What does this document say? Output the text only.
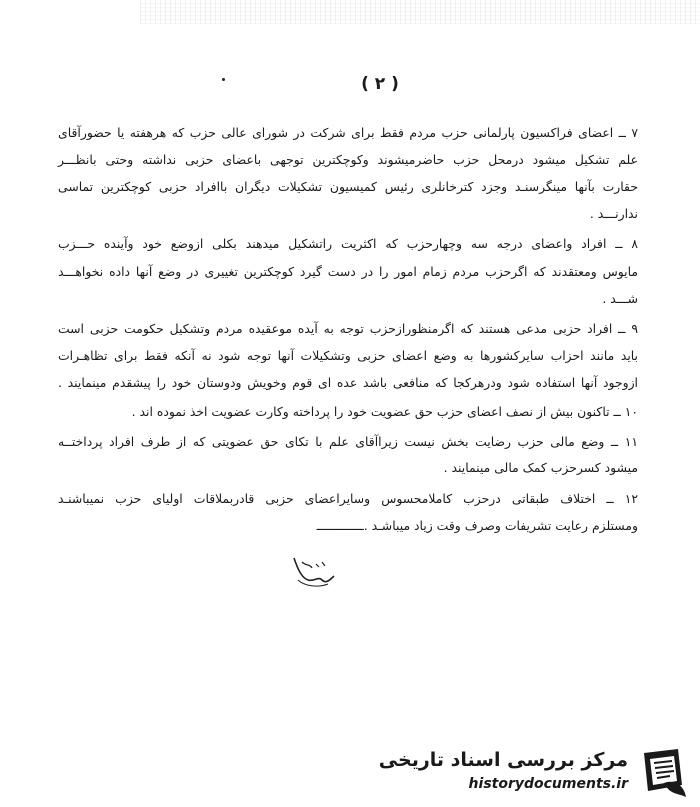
( ۲ )
۷ ــ اعضای فراکسیون پارلمانی حزب مردم فقط برای شرکت در شورای عالی حزب که هرهفته یا حضورآقای
علم تشکیل میشود درمحل حزب حاضرمیشوند وکوچکترین توجهی باعضای حزبی نداشته وحتی بانظـــر
حقارت بآنها مینگرسنـد وجزد کترخانلری رئیس کمیسیون تشکیلات دیگران باافراد حزبی کوچکترین تماسی
ندارنـــد .
۸ ــ افراد واعضای درجه سه وچهارحزب که اکثریت راتشکیل میدهند بکلی ازوضع خود وآینده حـــزب
مایوس ومعتقدند که اگرحزب مردم زمام امور را در دست گیرد کوچکترین تغییری در وضع آنها داده نخواهـــد
شـــد .
۹ ــ افراد حزبی مدعی هستند که اگرمنظورازحزب توجه به آیده موعقیده مردم وتشکیل حکومت حزبی است
باید مانند احزاب سایرکشورها به وضع اعضای حزبی وتشکیلات آنها توجه شود نه آنکه فقط برای تظاهـرات
ازوجود آنها استفاده شود ودرهرکجا که منافعی باشد عده ای قوم وخویش ودوستان خود را پیشقدم مینمایند .
۱۰ ــ تاکنون بیش از نصف اعضای حزب حق عضویت خود را پرداخته وکارت عضویت اخذ نموده اند .
۱۱ ــ وضع مالی حزب رضایت بخش نیست زیراآقای علم با تکای حق عضویتی که از طرف افراد پرداختــه
میشود کسرحزب کمک مالی مینمایند .
۱۲ ــ اختلاف طبقاتی درحزب کاملامحسوس وسایراعضای حزبی قادربملاقات اولیای حزب نمیباشنـد
ومستلزم رعایت تشریفات وصرف وقت زیاد میباشـد .ـــــــــــــ
مرکز بررسی اسناد تاریخی
historydocuments.ir
